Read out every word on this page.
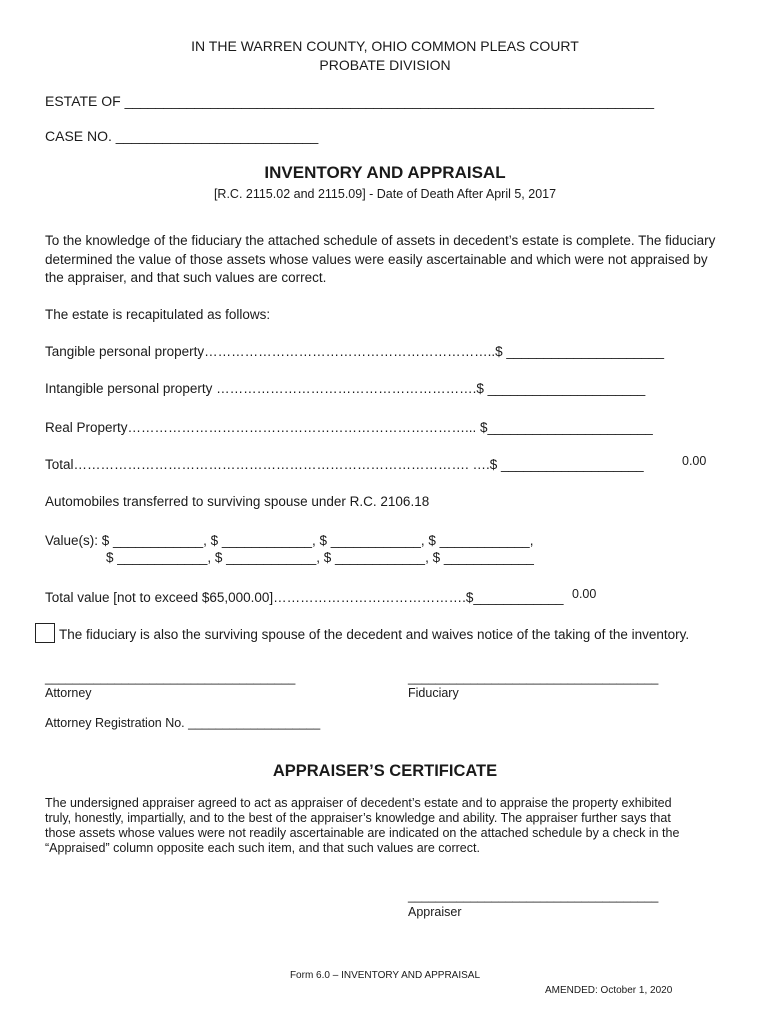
IN THE WARREN COUNTY, OHIO COMMON PLEAS COURT
PROBATE DIVISION
ESTATE OF ____________________________________________________________________
CASE NO. __________________________
INVENTORY AND APPRAISAL
[R.C. 2115.02 and 2115.09] - Date of Death After April 5, 2017
To the knowledge of the fiduciary the attached schedule of assets in decedent’s estate is complete. The fiduciary determined the value of those assets whose values were easily ascertainable and which were not appraised by the appraiser, and that such values are correct.
The estate is recapitulated as follows:
Tangible personal property………………………………………………………..$ _____________________
Intangible personal property ………………………………………………….$ _____________________
Real Property…………………………………………………………………... $______________________
Total……………………………………………………………………………. ….$ ___________________	0.00
Automobiles transferred to surviving spouse under R.C. 2106.18
Value(s): $ ____________, $ ____________, $ ____________, $ ____________,
$ ____________, $ ____________, $ ____________, $ ____________
Total value [not to exceed $65,000.00]…………………………………….$____________ 0.00
The fiduciary is also the surviving spouse of the decedent and waives notice of the taking of the inventory.
____________________________________
Attorney
____________________________________
Fiduciary
Attorney Registration No. ___________________
APPRAISER’S CERTIFICATE
The undersigned appraiser agreed to act as appraiser of decedent’s estate and to appraise the property exhibited truly, honestly, impartially, and to the best of the appraiser’s knowledge and ability. The appraiser further says that those assets whose values were not readily ascertainable are indicated on the attached schedule by a check in the “Appraised” column opposite each such item, and that such values are correct.
____________________________________
Appraiser
Form 6.0 – INVENTORY AND APPRAISAL
AMENDED: October 1, 2020
